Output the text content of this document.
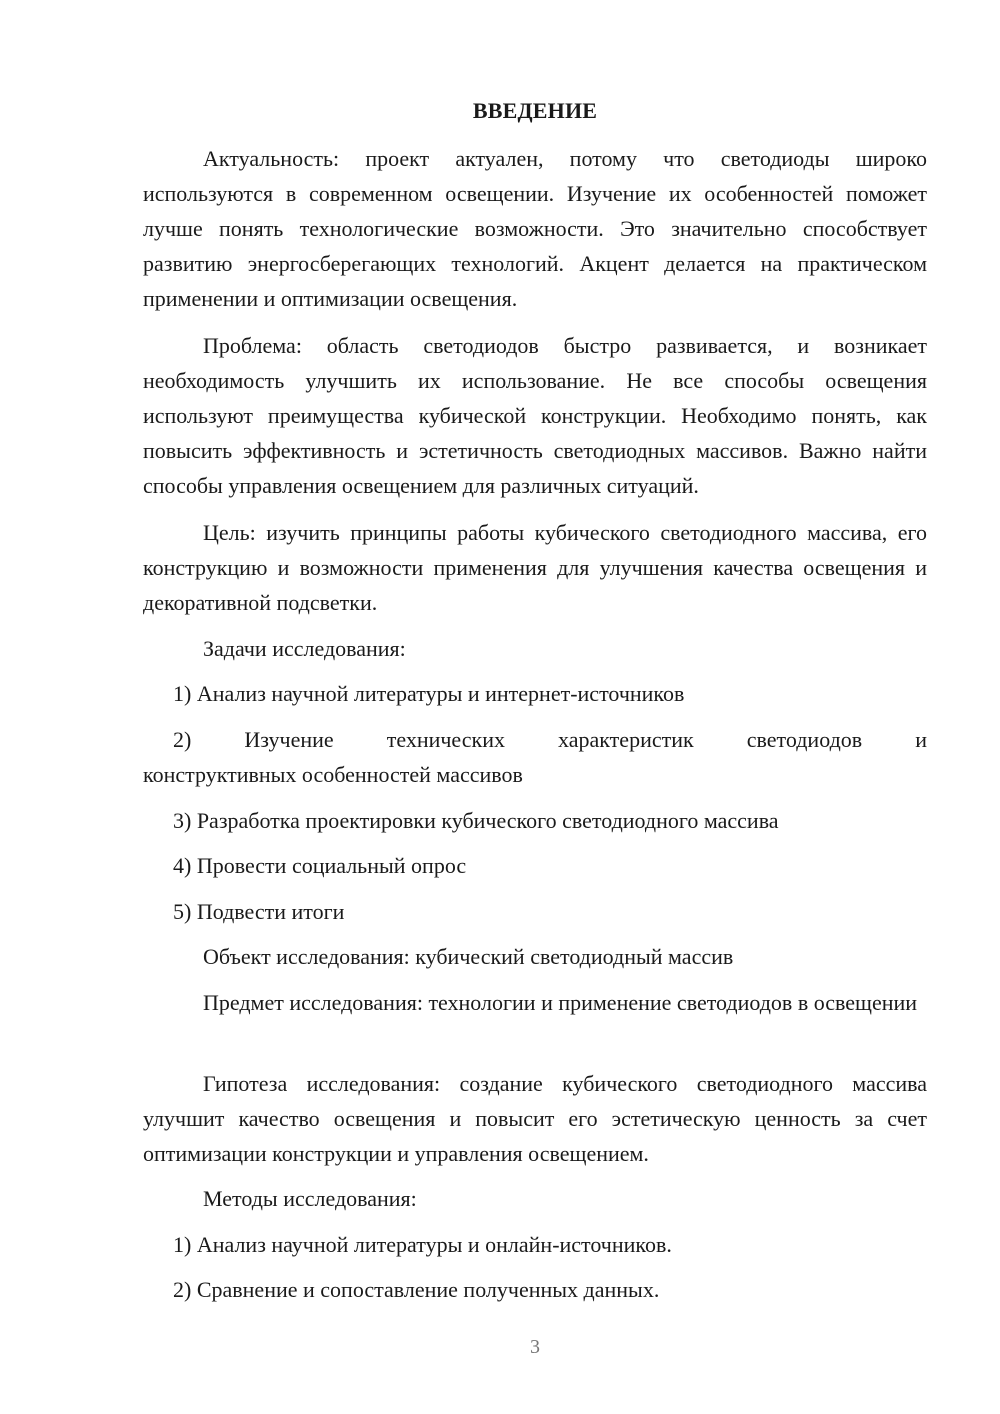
ВВЕДЕНИЕ

Актуальность: проект актуален, потому что светодиоды широко используются в современном освещении. Изучение их особенностей поможет лучше понять технологические возможности. Это значительно способствует развитию энергосберегающих технологий. Акцент делается на практическом применении и оптимизации освещения.

Проблема: область светодиодов быстро развивается, и возникает необходимость улучшить их использование. Не все способы освещения используют преимущества кубической конструкции. Необходимо понять, как повысить эффективность и эстетичность светодиодных массивов. Важно найти способы управления освещением для различных ситуаций.

Цель: изучить принципы работы кубического светодиодного массива, его конструкцию и возможности применения для улучшения качества освещения и декоративной подсветки.

Задачи исследования:

1) Анализ научной литературы и интернет-источников

2) Изучение технических характеристик светодиодов и

конструктивных особенностей массивов

3) Разработка проектировки кубического светодиодного массива

4) Провести социальный опрос

5) Подвести итоги

Объект исследования: кубический светодиодный массив

Предмет исследования: технологии и применение светодиодов в освещении

Гипотеза исследования: создание кубического светодиодного массива улучшит качество освещения и повысит его эстетическую ценность за счет оптимизации конструкции и управления освещением.

Методы исследования:

1) Анализ научной литературы и онлайн-источников.

2) Сравнение и сопоставление полученных данных.

3
